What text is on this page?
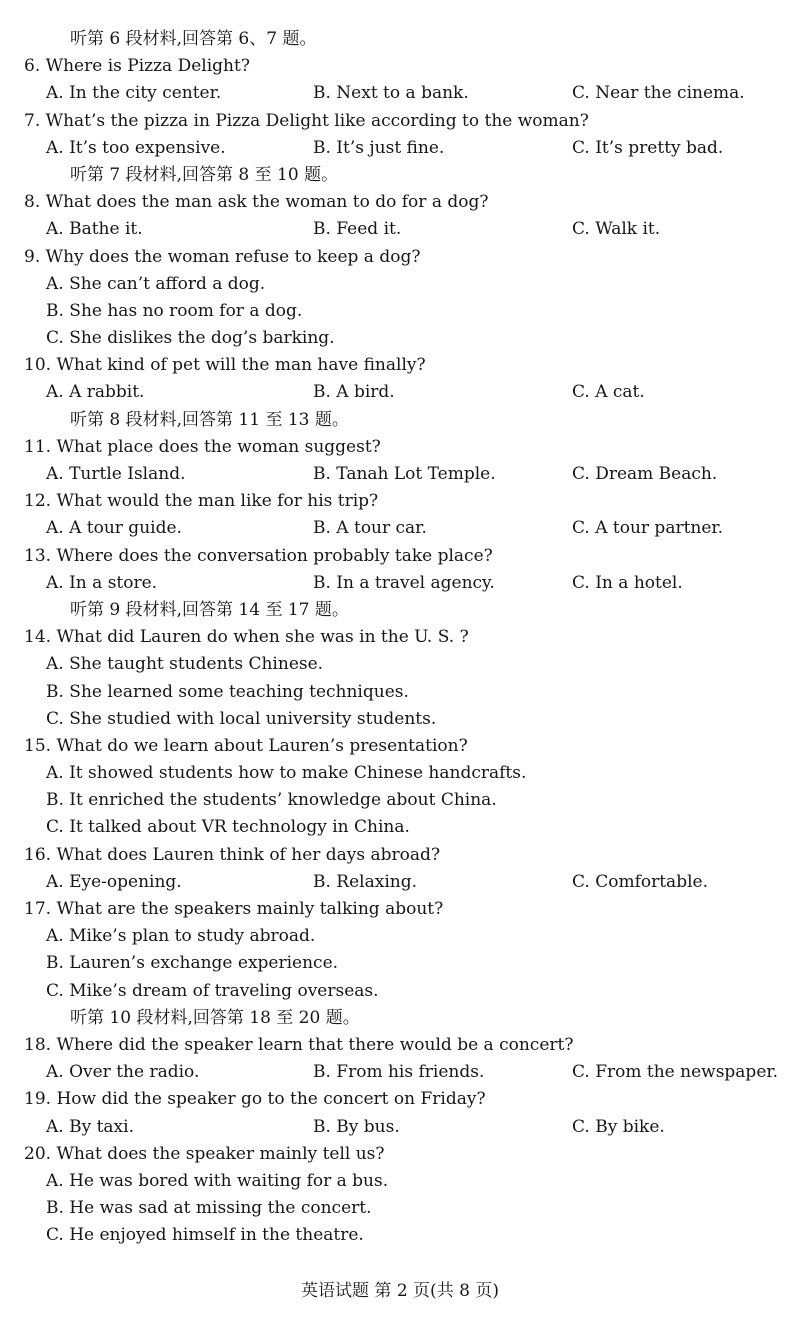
听第 6 段材料,回答第 6、7 题。
6. Where is Pizza Delight?
A. In the city center.	B. Next to a bank.	C. Near the cinema.
7. What’s the pizza in Pizza Delight like according to the woman?
A. It’s too expensive.	B. It’s just fine.	C. It’s pretty bad.
听第 7 段材料,回答第 8 至 10 题。
8. What does the man ask the woman to do for a dog?
A. Bathe it.	B. Feed it.	C. Walk it.
9. Why does the woman refuse to keep a dog?
A. She can’t afford a dog.
B. She has no room for a dog.
C. She dislikes the dog’s barking.
10. What kind of pet will the man have finally?
A. A rabbit.	B. A bird.	C. A cat.
听第 8 段材料,回答第 11 至 13 题。
11. What place does the woman suggest?
A. Turtle Island.	B. Tanah Lot Temple.	C. Dream Beach.
12. What would the man like for his trip?
A. A tour guide.	B. A tour car.	C. A tour partner.
13. Where does the conversation probably take place?
A. In a store.	B. In a travel agency.	C. In a hotel.
听第 9 段材料,回答第 14 至 17 题。
14. What did Lauren do when she was in the U. S. ?
A. She taught students Chinese.
B. She learned some teaching techniques.
C. She studied with local university students.
15. What do we learn about Lauren’s presentation?
A. It showed students how to make Chinese handcrafts.
B. It enriched the students’ knowledge about China.
C. It talked about VR technology in China.
16. What does Lauren think of her days abroad?
A. Eye-opening.	B. Relaxing.	C. Comfortable.
17. What are the speakers mainly talking about?
A. Mike’s plan to study abroad.
B. Lauren’s exchange experience.
C. Mike’s dream of traveling overseas.
听第 10 段材料,回答第 18 至 20 题。
18. Where did the speaker learn that there would be a concert?
A. Over the radio.	B. From his friends.	C. From the newspaper.
19. How did the speaker go to the concert on Friday?
A. By taxi.	B. By bus.	C. By bike.
20. What does the speaker mainly tell us?
A. He was bored with waiting for a bus.
B. He was sad at missing the concert.
C. He enjoyed himself in the theatre.
英语试题 第 2 页(共 8 页)
